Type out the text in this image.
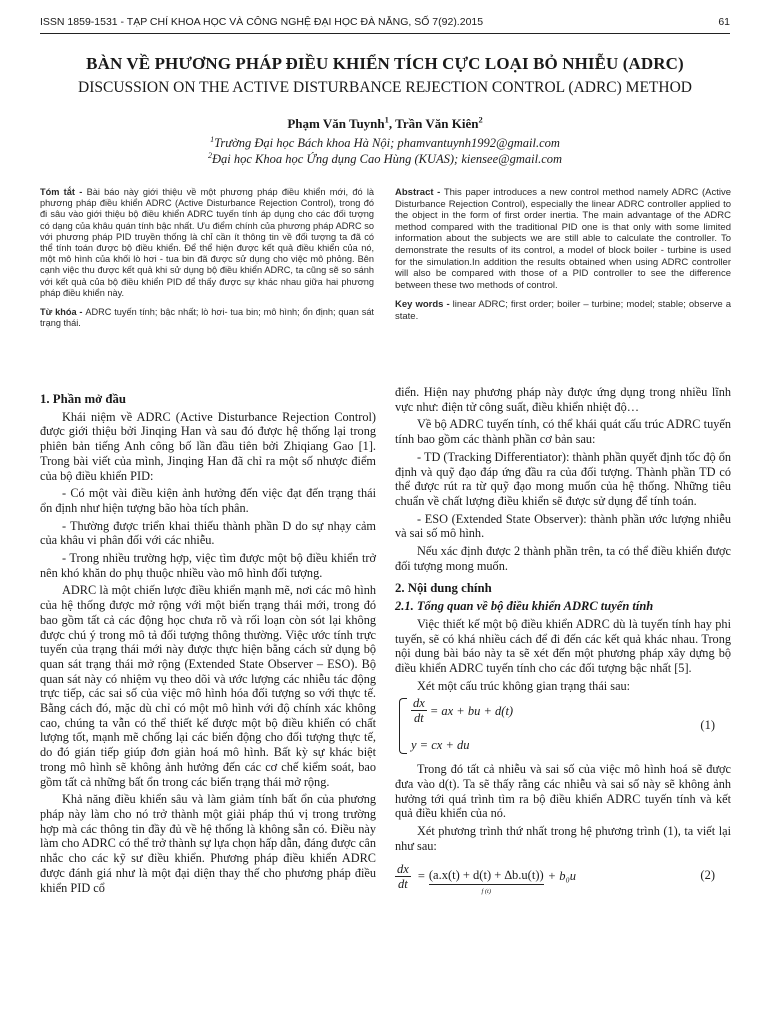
ISSN 1859-1531 - TẠP CHÍ KHOA HỌC VÀ CÔNG NGHỆ ĐẠI HỌC ĐÀ NẴNG, SỐ 7(92).2015	61
BÀN VỀ PHƯƠNG PHÁP ĐIỀU KHIỂN TÍCH CỰC LOẠI BỎ NHIỄU (ADRC)
DISCUSSION ON THE ACTIVE DISTURBANCE REJECTION CONTROL (ADRC) METHOD
Phạm Văn Tuynh$^1$, Trần Văn Kiên$^2$
$^1$Trường Đại học Bách khoa Hà Nội; phamvantuynh1992@gmail.com
$^2$Đại học Khoa học Ứng dụng Cao Hùng (KUAS); kiensee@gmail.com

Tóm tắt - Bài báo này giới thiệu về một phương pháp điều khiển mới, đó là phương pháp điều khiển ADRC (Active Disturbance Rejection Control), trong đó đi sâu vào giới thiệu bộ điều khiển ADRC tuyến tính áp dụng cho các đối tượng có dạng của khâu quán tính bậc nhất. Ưu điểm chính của phương pháp ADRC so với phương pháp PID truyền thống là chỉ cần ít thông tin về đối tượng ta đã có thể tính toán được bộ điều khiển. Để thể hiện được kết quả điều khiển của nó, một mô hình của khối lò hơi - tua bin đã được sử dụng cho việc mô phỏng. Bên cạnh việc thu được kết quả khi sử dụng bộ điều khiển ADRC, ta cũng sẽ so sánh với kết quả của bộ điều khiển PID để thấy được sự khác nhau giữa hai phương pháp điều khiển này.

Từ khóa - ADRC tuyến tính; bậc nhất; lò hơi- tua bin; mô hình; ổn định; quan sát trạng thái.

Abstract - This paper introduces a new control method namely ADRC (Active Disturbance Rejection Control), especially the linear ADRC controller applied to the object in the form of first order inertia. The main advantage of the ADRC method compared with the traditional PID one is that only with some limited information about the subjects we are still able to calculate the controller. To demonstrate the results of its control, a model of block boiler - turbine is used for the simulation.In addition the results obtained when using ADRC controller will also be compared with those of a PID controller to see the difference between these two methods of control.

Key words - linear ADRC; first order; boiler – turbine; model; stable; observe a state.

1. Phần mở đầu

Khái niệm về ADRC (Active Disturbance Rejection Control) được giới thiệu bởi Jinqing Han và sau đó được hệ thống lại trong phiên bản tiếng Anh công bố lần đầu tiên bởi Zhiqiang Gao [1]. Trong bài viết của mình, Jinqing Han đã chỉ ra một số nhược điểm của bộ điều khiển PID:

- Có một vài điều kiện ảnh hưởng đến việc đạt đến trạng thái ổn định như hiện tượng bão hòa tích phân.

- Thường được triển khai thiếu thành phần D do sự nhạy cảm của khâu vi phân đối với các nhiễu.

- Trong nhiều trường hợp, việc tìm được một bộ điều khiển trở nên khó khăn do phụ thuộc nhiều vào mô hình đối tượng.

ADRC là một chiến lược điều khiển mạnh mẽ, nơi các mô hình của hệ thống được mở rộng với một biến trạng thái mới, trong đó bao gồm tất cả các động học chưa rõ và rối loạn còn sót lại không được chú ý trong mô tả đối tượng thông thường. Việc ước tính trực tuyến của trạng thái mới này được thực hiện bằng cách sử dụng bộ quan sát trạng thái mở rộng (Extended State Observer – ESO). Bộ quan sát này có nhiệm vụ theo dõi và ước lượng các nhiễu tác động trực tiếp, các sai số của việc mô hình hóa đối tượng so với thực tế. Bằng cách đó, mặc dù chỉ có một mô hình với độ chính xác không cao, chúng ta vẫn có thể thiết kế được một bộ điều khiển có chất lượng tốt, mạnh mẽ chống lại các biến động cho đối tượng thực tế, do đó gián tiếp giúp đơn giản hoá mô hình. Bất kỳ sự khác biệt trong mô hình sẽ không ảnh hưởng đến các cơ chế kiểm soát, bao gồm tất cả những bất ổn trong các biến trạng thái mở rộng.

Khả năng điều khiển sâu và làm giảm tính bất ổn của phương pháp này làm cho nó trở thành một giải pháp thú vị trong trường hợp mà các thông tin đầy đủ về hệ thống là không sẵn có. Điều này làm cho ADRC có thể trở thành sự lựa chọn hấp dẫn, đáng được cân nhắc cho các kỹ sư điều khiển. Phương pháp điều khiển ADRC được đánh giá như là một đại diện thay thế cho phương pháp điều khiển PID cổ

điển. Hiện nay phương pháp này được ứng dụng trong nhiều lĩnh vực như: điện tử công suất, điều khiển nhiệt độ…

Về bộ ADRC tuyến tính, có thể khái quát cấu trúc ADRC tuyến tính bao gồm các thành phần cơ bản sau:

- TD (Tracking Differentiator): thành phần quyết định tốc độ ổn định và quỹ đạo đáp ứng đầu ra của đối tượng. Thành phần TD có thể được rút ra từ quỹ đạo mong muốn của hệ thống. Những tiêu chuẩn về chất lượng điều khiển sẽ được sử dụng để tính toán.

- ESO (Extended State Observer): thành phần ước lượng nhiễu và sai số mô hình.

Nếu xác định được 2 thành phần trên, ta có thể điều khiển được đối tượng mong muốn.

2. Nội dung chính

2.1. Tổng quan về bộ điều khiển ADRC tuyến tính

Việc thiết kế một bộ điều khiển ADRC dù là tuyến tính hay phi tuyến, sẽ có khá nhiều cách để đi đến các kết quả khác nhau. Trong nội dung bài báo này ta sẽ xét đến một phương pháp xây dựng bộ điều khiển ADRC tuyến tính cho các đối tượng bậc nhất [5].

Xét một cấu trúc không gian trạng thái sau:

$\frac{dx}{dt}$ = ax + bu + d(t)
y = cx + du
(1)

Trong đó tất cả nhiễu và sai số của việc mô hình hoá sẽ được đưa vào d(t). Ta sẽ thấy rằng các nhiễu và sai số này sẽ không ảnh hưởng tới quá trình tìm ra bộ điều khiển ADRC tuyến tính và kết quả điều khiển của nó.

Xét phương trình thứ nhất trong hệ phương trình (1), ta viết lại như sau:

$\frac{dx}{dt} = (a.x(t) + d(t) + \Delta b.u(t))$
f (t)
+ b₀u	(2)
